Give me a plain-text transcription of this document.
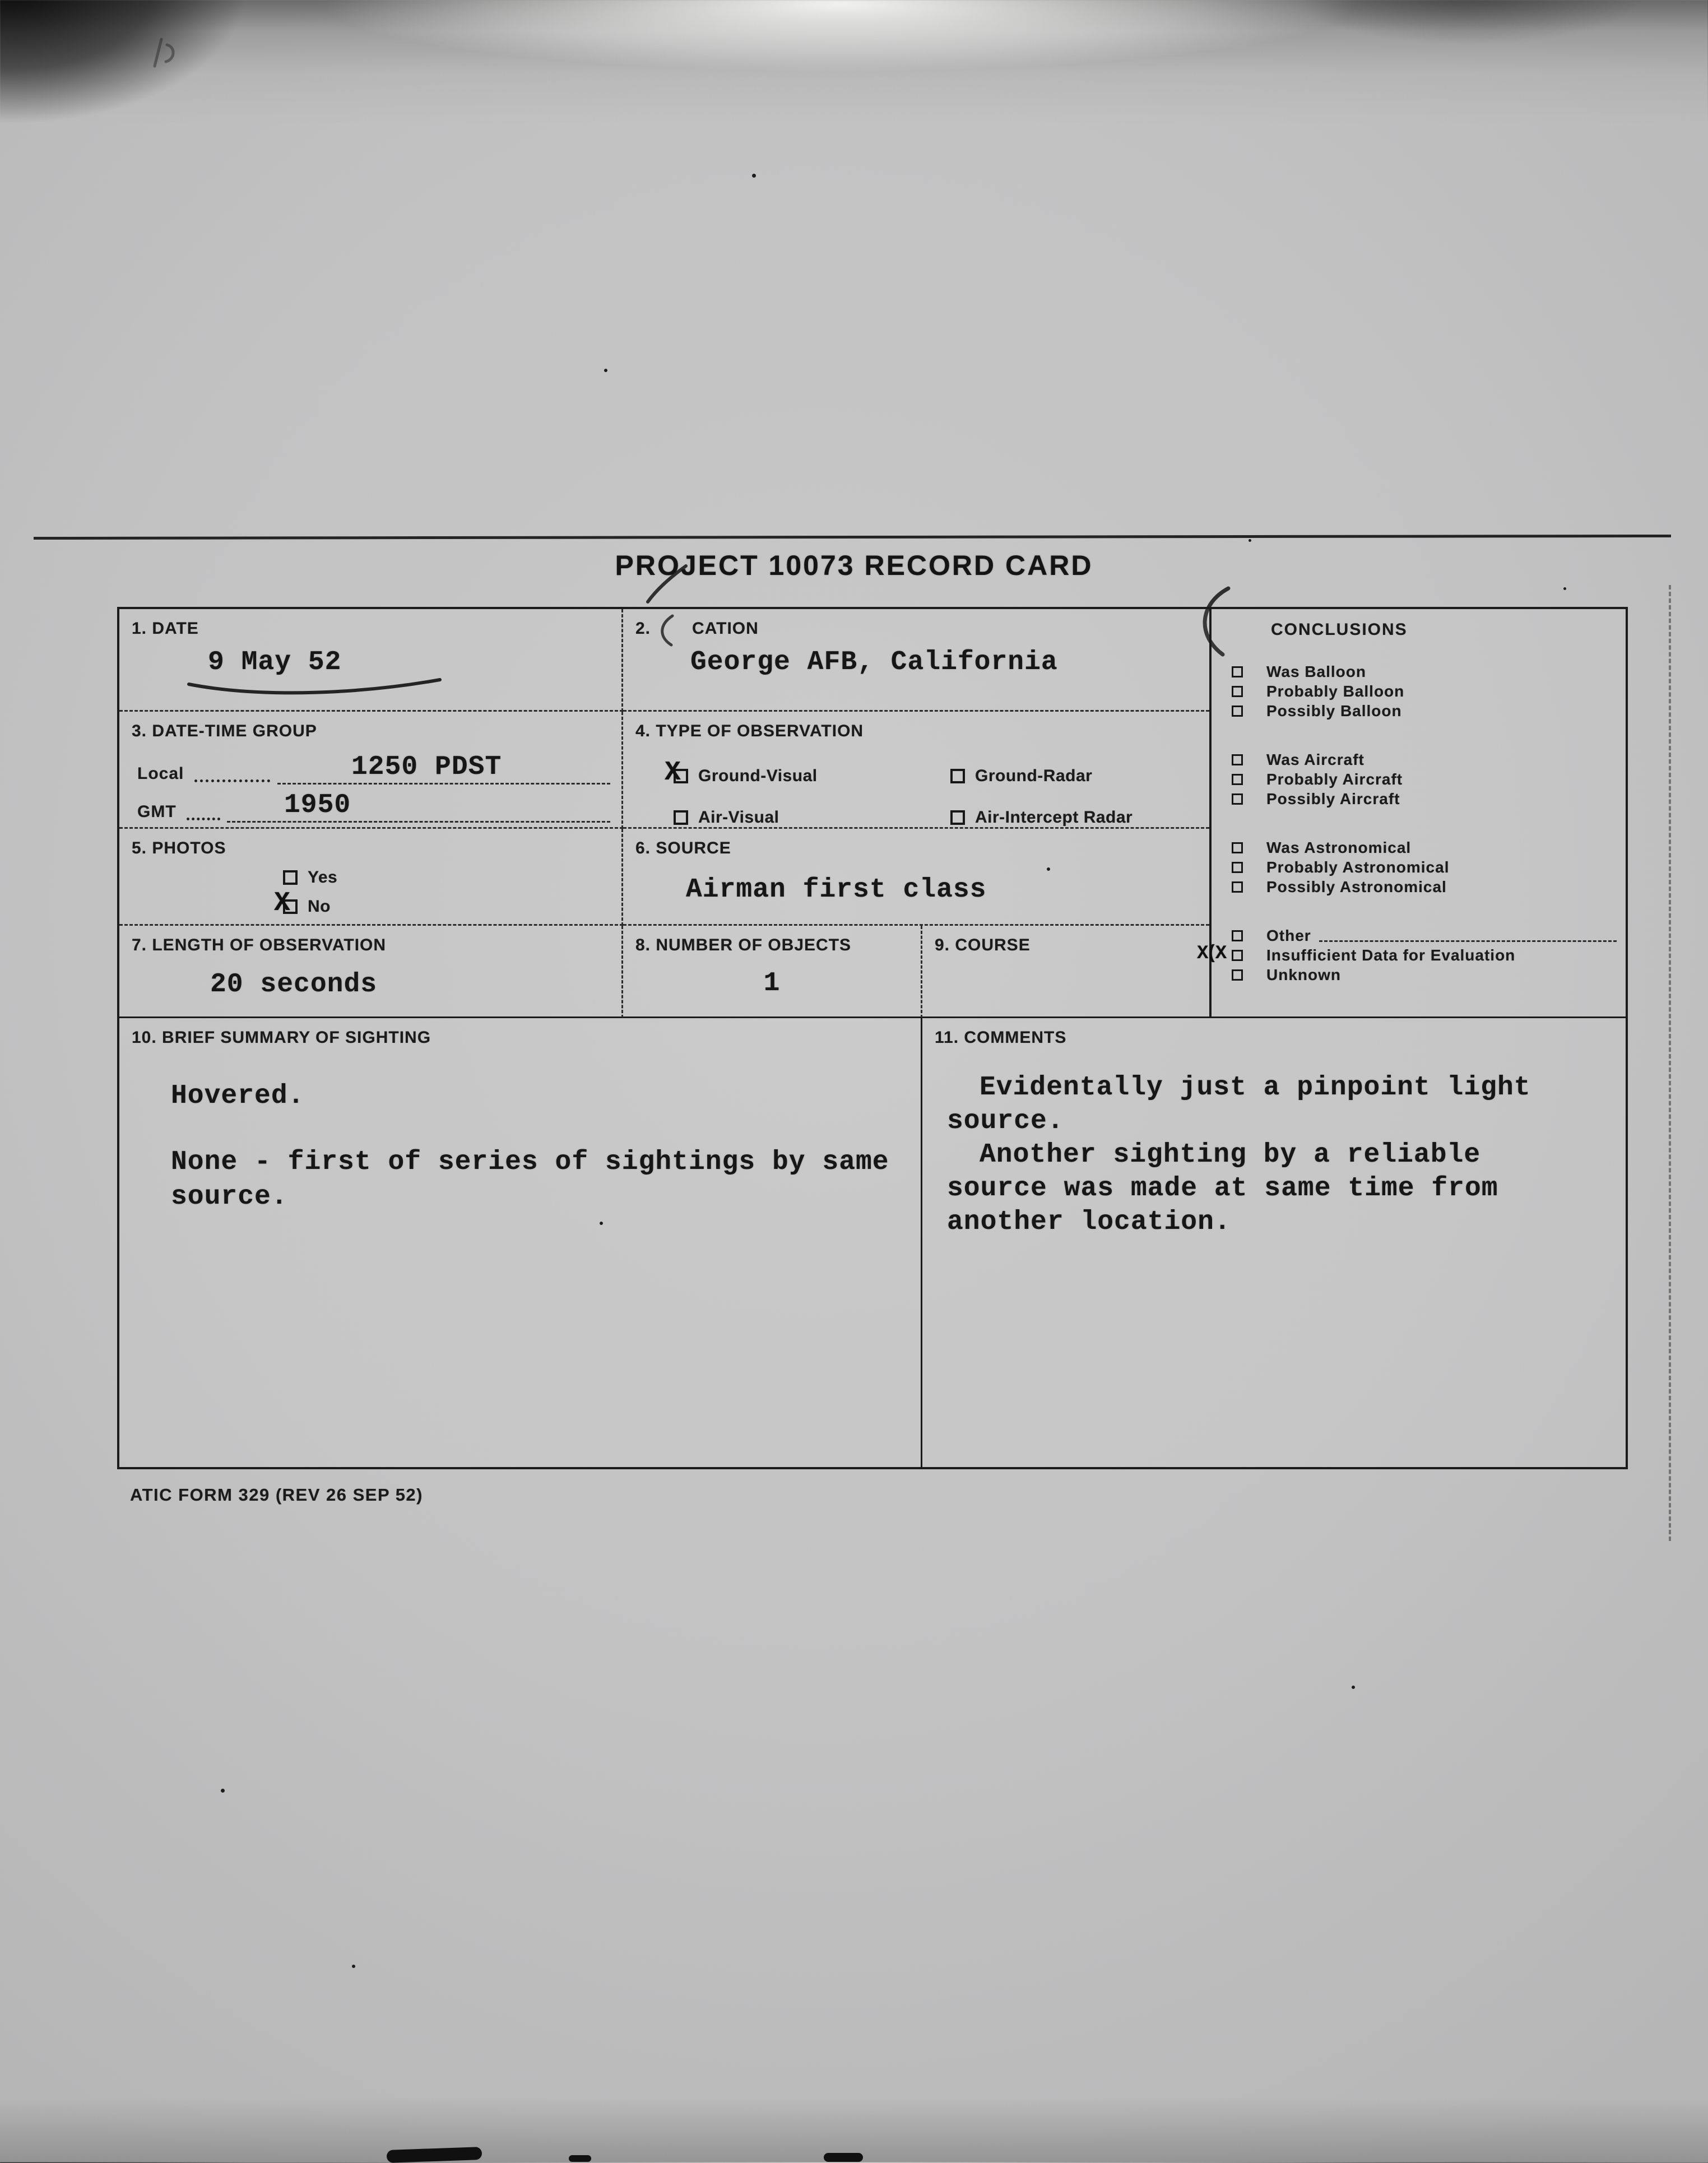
PROJECT 10073 RECORD CARD
1. DATE
9 May 52
2. CATION
George AFB, California
CONCLUSIONS
Was Balloon
Probably Balloon
Possibly Balloon
Was Aircraft
Probably Aircraft
Possibly Aircraft
Was Astronomical
Probably Astronomical
Possibly Astronomical
Other
X(X	Insufficient Data for Evaluation
Unknown
3. DATE-TIME GROUP
Local	1250 PDST
GMT	1950
4. TYPE OF OBSERVATION
X Ground-Visual	Ground-Radar
Air-Visual	Air-Intercept Radar
5. PHOTOS
Yes
X No
6. SOURCE
Airman first class
7. LENGTH OF OBSERVATION
20 seconds
8. NUMBER OF OBJECTS
1
9. COURSE
10. BRIEF SUMMARY OF SIGHTING

Hovered.

None - first of series of sightings by same source.

11. COMMENTS

Evidentally just a pinpoint light source.

Another sighting by a reliable source was made at same time from another location.

ATIC FORM 329 (REV 26 SEP 52)
